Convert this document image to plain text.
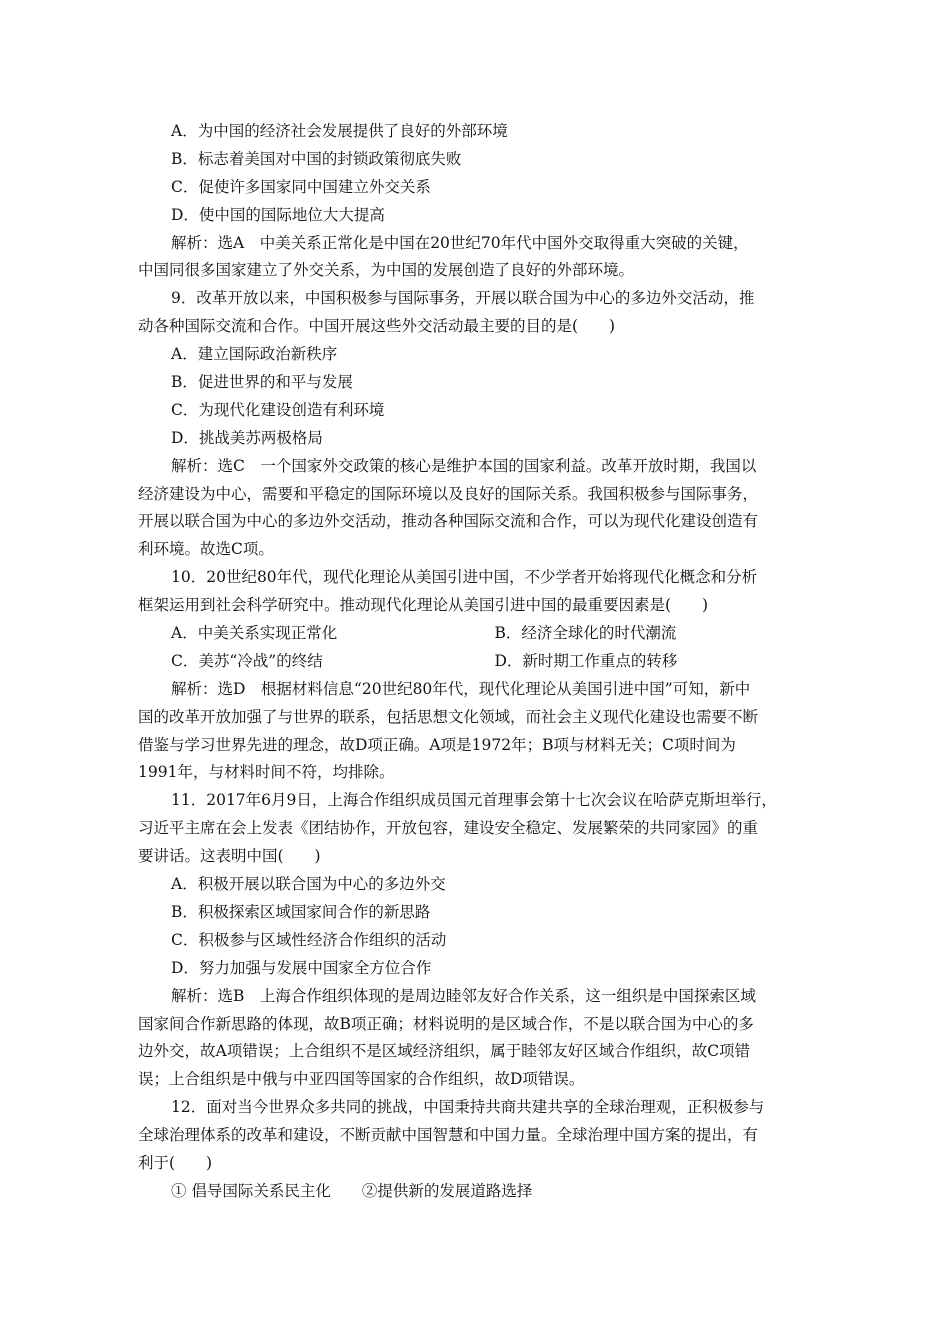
A．为中国的经济社会发展提供了良好的外部环境
B．标志着美国对中国的封锁政策彻底失败
C．促使许多国家同中国建立外交关系
D．使中国的国际地位大大提高
解析：选A　中美关系正常化是中国在20世纪70年代中国外交取得重大突破的关键，
中国同很多国家建立了外交关系，为中国的发展创造了良好的外部环境。
9．改革开放以来，中国积极参与国际事务，开展以联合国为中心的多边外交活动，推
动各种国际交流和合作。中国开展这些外交活动最主要的目的是(　　)
A．建立国际政治新秩序
B．促进世界的和平与发展
C．为现代化建设创造有利环境
D．挑战美苏两极格局
解析：选C　一个国家外交政策的核心是维护本国的国家利益。改革开放时期，我国以
经济建设为中心，需要和平稳定的国际环境以及良好的国际关系。我国积极参与国际事务，
开展以联合国为中心的多边外交活动，推动各种国际交流和合作，可以为现代化建设创造有
利环境。故选C项。
10．20世纪80年代，现代化理论从美国引进中国，不少学者开始将现代化概念和分析
框架运用到社会科学研究中。推动现代化理论从美国引进中国的最重要因素是(　　)
A．中美关系实现正常化	B．经济全球化的时代潮流
C．美苏“冷战”的终结	D．新时期工作重点的转移
解析：选D　根据材料信息“20世纪80年代，现代化理论从美国引进中国”可知，新中
国的改革开放加强了与世界的联系，包括思想文化领域，而社会主义现代化建设也需要不断
借鉴与学习世界先进的理念，故D项正确。A项是1972年；B项与材料无关；C项时间为
1991年，与材料时间不符，均排除。
11．2017年6月9日，上海合作组织成员国元首理事会第十七次会议在哈萨克斯坦举行，
习近平主席在会上发表《团结协作，开放包容，建设安全稳定、发展繁荣的共同家园》的重
要讲话。这表明中国(　　)
A．积极开展以联合国为中心的多边外交
B．积极探索区域国家间合作的新思路
C．积极参与区域性经济合作组织的活动
D．努力加强与发展中国家全方位合作
解析：选B　上海合作组织体现的是周边睦邻友好合作关系，这一组织是中国探索区域
国家间合作新思路的体现，故B项正确；材料说明的是区域合作，不是以联合国为中心的多
边外交，故A项错误；上合组织不是区域经济组织，属于睦邻友好区域合作组织，故C项错
误；上合组织是中俄与中亚四国等国家的合作组织，故D项错误。
12．面对当今世界众多共同的挑战，中国秉持共商共建共享的全球治理观，正积极参与
全球治理体系的改革和建设，不断贡献中国智慧和中国力量。全球治理中国方案的提出，有
利于(　　)
① 倡导国际关系民主化　　②提供新的发展道路选择
